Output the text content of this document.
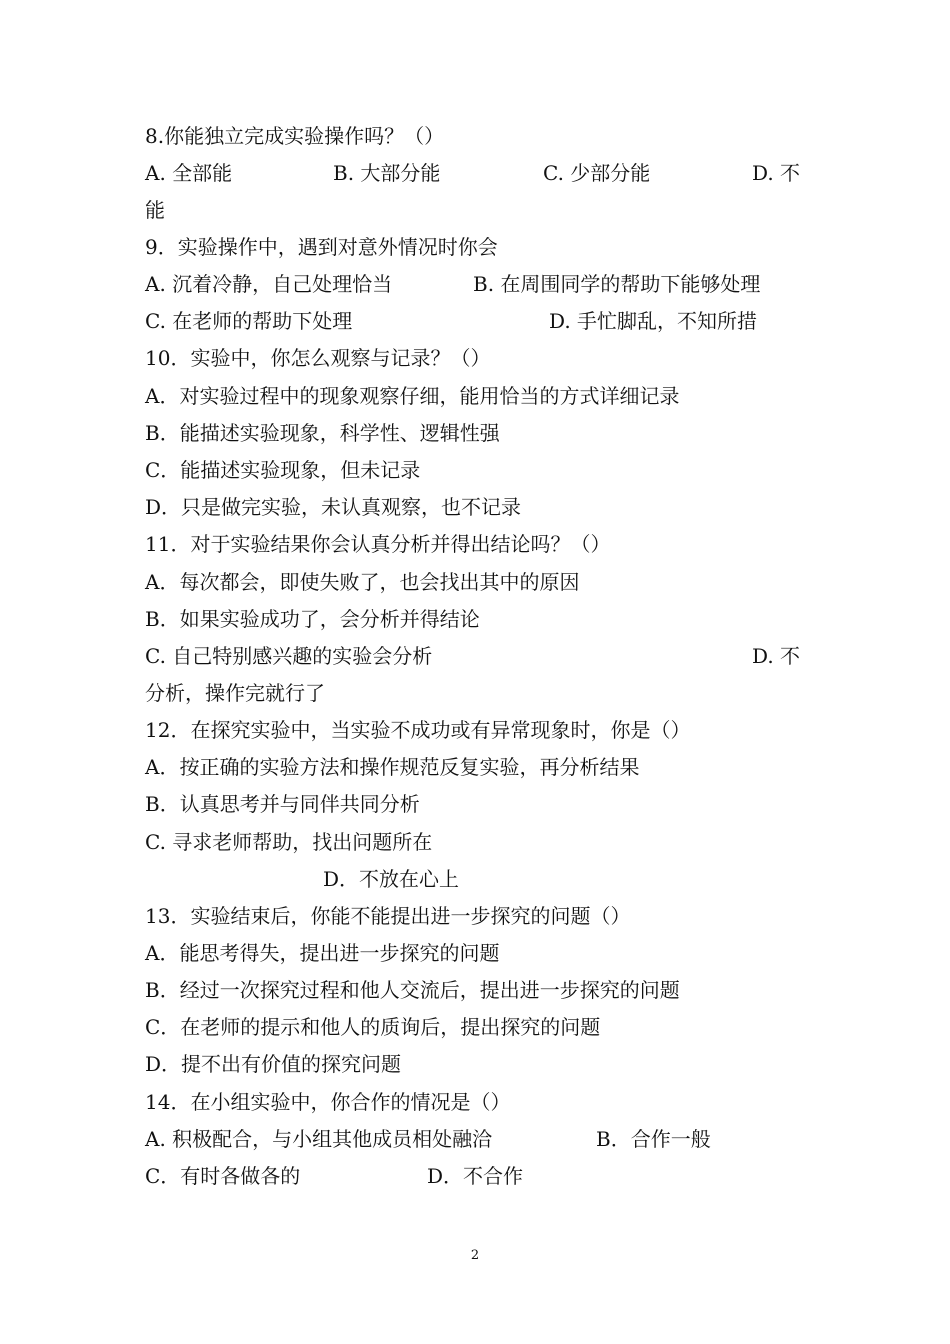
8.你能独立完成实验操作吗？（）
A. 全部能	B. 大部分能	C. 少部分能	D. 不
能
9．实验操作中，遇到对意外情况时你会
A. 沉着冷静，自己处理恰当	B. 在周围同学的帮助下能够处理
C. 在老师的帮助下处理	D. 手忙脚乱，不知所措
10．实验中，你怎么观察与记录？（）
A．对实验过程中的现象观察仔细，能用恰当的方式详细记录
B．能描述实验现象，科学性、逻辑性强
C．能描述实验现象，但未记录
D．只是做完实验，未认真观察，也不记录
11．对于实验结果你会认真分析并得出结论吗？（）
A．每次都会，即使失败了，也会找出其中的原因
B．如果实验成功了，会分析并得结论
C. 自己特别感兴趣的实验会分析	D. 不
分析，操作完就行了
12．在探究实验中，当实验不成功或有异常现象时，你是（）
A．按正确的实验方法和操作规范反复实验，再分析结果
B．认真思考并与同伴共同分析
C. 寻求老师帮助，找出问题所在
D．不放在心上
13．实验结束后，你能不能提出进一步探究的问题（）
A．能思考得失，提出进一步探究的问题
B．经过一次探究过程和他人交流后，提出进一步探究的问题
C．在老师的提示和他人的质询后，提出探究的问题
D．提不出有价值的探究问题
14．在小组实验中，你合作的情况是（）
A. 积极配合，与小组其他成员相处融洽	B．合作一般
C．有时各做各的	D．不合作
2
